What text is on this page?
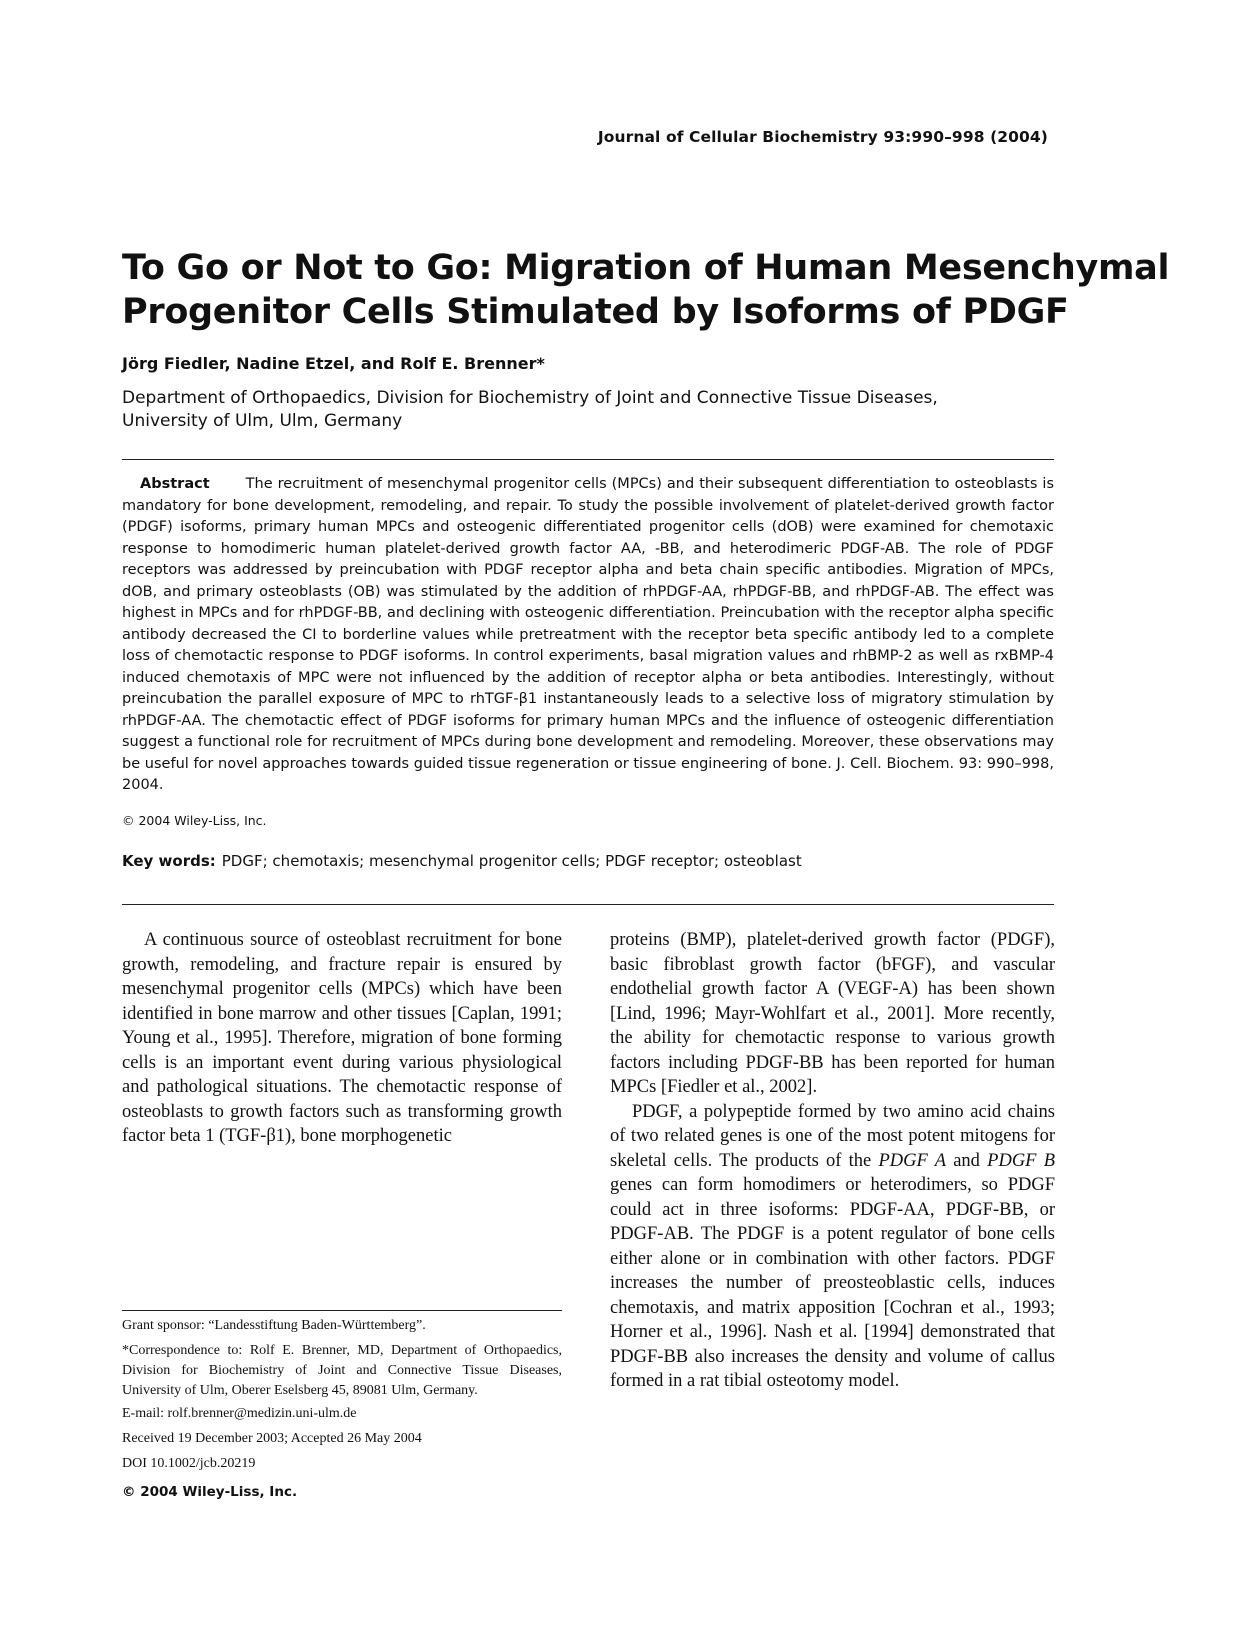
Journal of Cellular Biochemistry 93:990–998 (2004)
To Go or Not to Go: Migration of Human Mesenchymal
Progenitor Cells Stimulated by Isoforms of PDGF

Jörg Fiedler, Nadine Etzel, and Rolf E. Brenner*

Department of Orthopaedics, Division for Biochemistry of Joint and Connective Tissue Diseases,
University of Ulm, Ulm, Germany

Abstract The recruitment of mesenchymal progenitor cells (MPCs) and their subsequent differentiation to osteoblasts is mandatory for bone development, remodeling, and repair. To study the possible involvement of platelet-derived growth factor (PDGF) isoforms, primary human MPCs and osteogenic differentiated progenitor cells (dOB) were examined for chemotaxic response to homodimeric human platelet-derived growth factor AA, -BB, and heterodimeric PDGF-AB. The role of PDGF receptors was addressed by preincubation with PDGF receptor alpha and beta chain specific antibodies. Migration of MPCs, dOB, and primary osteoblasts (OB) was stimulated by the addition of rhPDGF-AA, rhPDGF-BB, and rhPDGF-AB. The effect was highest in MPCs and for rhPDGF-BB, and declining with osteogenic differentiation. Preincubation with the receptor alpha specific antibody decreased the CI to borderline values while pretreatment with the receptor beta specific antibody led to a complete loss of chemotactic response to PDGF isoforms. In control experiments, basal migration values and rhBMP-2 as well as rxBMP-4 induced chemotaxis of MPC were not influenced by the addition of receptor alpha or beta antibodies. Interestingly, without preincubation the parallel exposure of MPC to rhTGF-β1 instantaneously leads to a selective loss of migratory stimulation by rhPDGF-AA. The chemotactic effect of PDGF isoforms for primary human MPCs and the influence of osteogenic differentiation suggest a functional role for recruitment of MPCs during bone development and remodeling. Moreover, these observations may be useful for novel approaches towards guided tissue regeneration or tissue engineering of bone. J. Cell. Biochem. 93: 990–998, 2004.

© 2004 Wiley-Liss, Inc.

Key words: PDGF; chemotaxis; mesenchymal progenitor cells; PDGF receptor; osteoblast

A continuous source of osteoblast recruitment for bone growth, remodeling, and fracture repair is ensured by mesenchymal progenitor cells (MPCs) which have been identified in bone marrow and other tissues [Caplan, 1991; Young et al., 1995]. Therefore, migration of bone forming cells is an important event during various physiological and pathological situations. The chemotactic response of osteoblasts to growth factors such as transforming growth factor beta 1 (TGF-β1), bone morphogenetic

proteins (BMP), platelet-derived growth factor (PDGF), basic fibroblast growth factor (bFGF), and vascular endothelial growth factor A (VEGF-A) has been shown [Lind, 1996; Mayr-Wohlfart et al., 2001]. More recently, the ability for chemotactic response to various growth factors including PDGF-BB has been reported for human MPCs [Fiedler et al., 2002].

PDGF, a polypeptide formed by two amino acid chains of two related genes is one of the most potent mitogens for skeletal cells. The products of the PDGF A and PDGF B genes can form homodimers or heterodimers, so PDGF could act in three isoforms: PDGF-AA, PDGF-BB, or PDGF-AB. The PDGF is a potent regulator of bone cells either alone or in combination with other factors. PDGF increases the number of preosteoblastic cells, induces chemotaxis, and matrix apposition [Cochran et al., 1993; Horner et al., 1996]. Nash et al. [1994] demonstrated that PDGF-BB also increases the density and volume of callus formed in a rat tibial osteotomy model.

Grant sponsor: “Landesstiftung Baden-Württemberg”.

*Correspondence to: Rolf E. Brenner, MD, Department of Orthopaedics, Division for Biochemistry of Joint and Connective Tissue Diseases, University of Ulm, Oberer Eselsberg 45, 89081 Ulm, Germany.

E-mail: rolf.brenner@medizin.uni-ulm.de

Received 19 December 2003; Accepted 26 May 2004

DOI 10.1002/jcb.20219

© 2004 Wiley-Liss, Inc.
